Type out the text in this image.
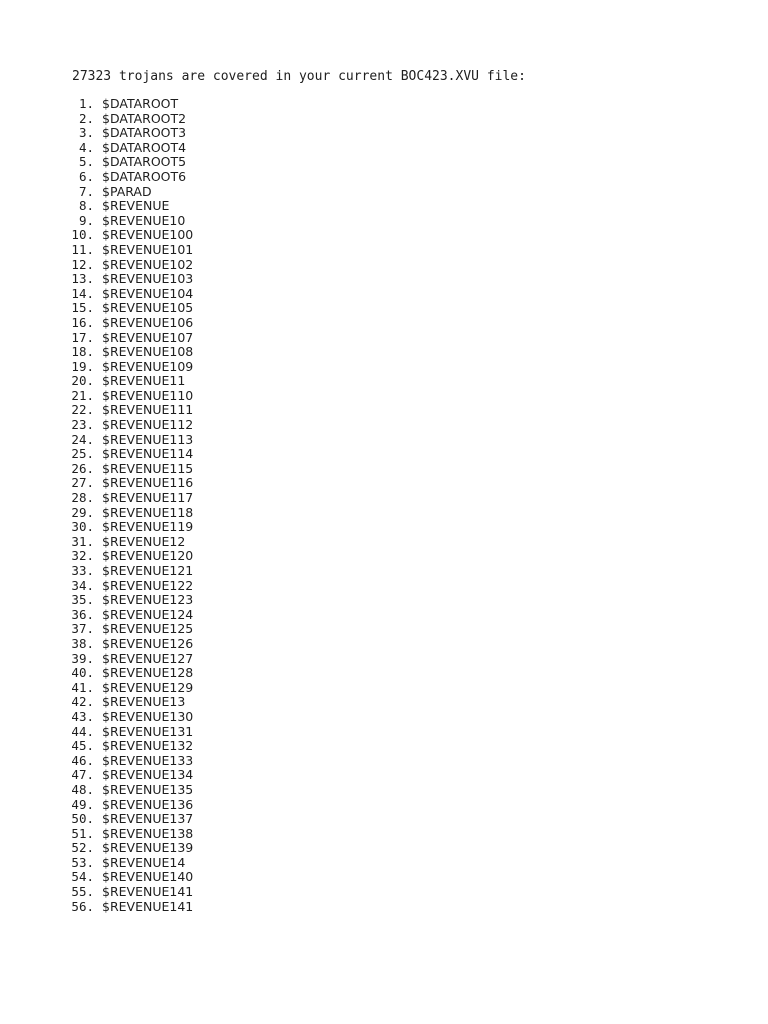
27323 trojans are covered in your current BOC423.XVU file:
1. $DATAROOT
2. $DATAROOT2
3. $DATAROOT3
4. $DATAROOT4
5. $DATAROOT5
6. $DATAROOT6
7. $PARAD
8. $REVENUE
9. $REVENUE10
10. $REVENUE100
11. $REVENUE101
12. $REVENUE102
13. $REVENUE103
14. $REVENUE104
15. $REVENUE105
16. $REVENUE106
17. $REVENUE107
18. $REVENUE108
19. $REVENUE109
20. $REVENUE11
21. $REVENUE110
22. $REVENUE111
23. $REVENUE112
24. $REVENUE113
25. $REVENUE114
26. $REVENUE115
27. $REVENUE116
28. $REVENUE117
29. $REVENUE118
30. $REVENUE119
31. $REVENUE12
32. $REVENUE120
33. $REVENUE121
34. $REVENUE122
35. $REVENUE123
36. $REVENUE124
37. $REVENUE125
38. $REVENUE126
39. $REVENUE127
40. $REVENUE128
41. $REVENUE129
42. $REVENUE13
43. $REVENUE130
44. $REVENUE131
45. $REVENUE132
46. $REVENUE133
47. $REVENUE134
48. $REVENUE135
49. $REVENUE136
50. $REVENUE137
51. $REVENUE138
52. $REVENUE139
53. $REVENUE14
54. $REVENUE140
55. $REVENUE141
56. $REVENUE141
